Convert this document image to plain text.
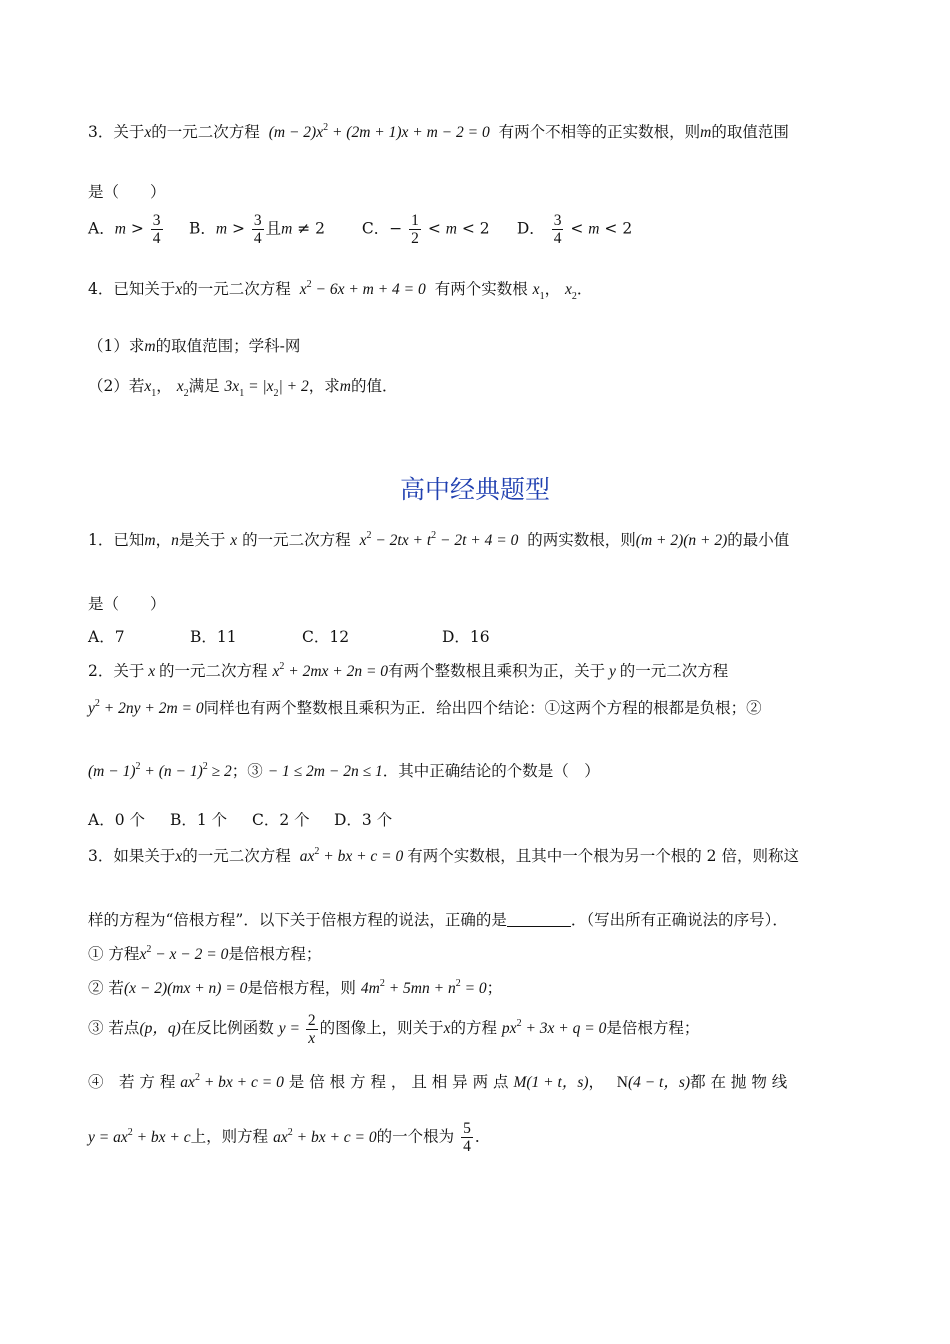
3．关于x的一元二次方程 $(m - 2)x^2 + (2m + 1)x + m - 2 = 0$ 有两个不相等的正实数根，则m的取值范围
是（　　）
A．$m > \frac{3}{4}$ B．$m > \frac{3}{4}$ 且m ≠ 2 C．− $\frac{1}{2} < m < 2$ D． $\frac{3}{4} < m < 2$
4．已知关于x的一元二次方程 $x^2 - 6x + m + 4 = 0$ 有两个实数根 $x_1$， $x_2$．
（1）求m的取值范围；学科-网
（2）若$x_1$， $x_2$满足 $3x_1 = |x_2| + 2$，求m的值．
高中经典题型
1．已知m，n是关于 x 的一元二次方程 $x^2 - 2tx + t^2 - 2t + 4 = 0$ 的两实数根，则(m + 2)(n + 2)的最小值
是（　　）
A．7	B．11	C．12	D．16
2．关于 x 的一元二次方程 $x^2 + 2mx + 2n = 0$有两个整数根且乘积为正，关于 y 的一元二次方程
$y^2 + 2ny + 2m = 0$同样也有两个整数根且乘积为正．给出四个结论：①这两个方程的根都是负根；②
$(m - 1)^2 + (n - 1)^2 \ge 2$；③ − 1 ≤ 2m − 2n ≤ 1．其中正确结论的个数是（　）
A．0 个 B．1 个 C．2 个 D．3 个
3．如果关于x的一元二次方程 $ax^2$ + bx + c = 0 有两个实数根，且其中一个根为另一个根的 2 倍，则称这
样的方程为“倍根方程”．以下关于倍根方程的说法，正确的是	．（写出所有正确说法的序号）．
① 方程$x^2 - x - 2 = 0$是倍根方程；
② 若(x − 2)(mx + n) = 0是倍根方程，则 $4m^2 + 5mn + n^2 = 0$；
③ 若点(p，q)在反比例函数 $y = \frac{2}{x}$ 的图像上，则关于x的方程 $px^2 + 3x + q = 0$是倍根方程；
④　若 方 程 $ax^2$ + bx + c = 0 是 倍 根 方 程 ， 且 相 异 两 点 M(1 + t，s)，　 N(4 − t，s)都 在 抛 物 线
$y = ax^2$ + bx + c上，则方程 $ax^2$ + bx + c = 0的一个根为 $\frac{5}{4}$ ．
